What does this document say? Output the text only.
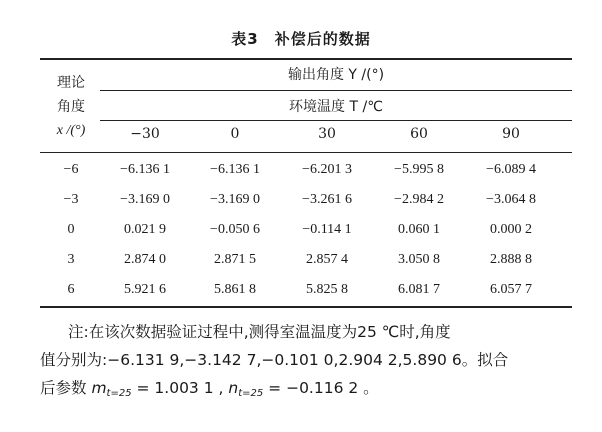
表3 补偿后的数据
理论
角度
x /(°)
输出角度 Y /(°)
环境温度 T /℃
−30	0	30	60	90
−6	−6.136 1	−6.136 1	−6.201 3	−5.995 8	−6.089 4
−3	−3.169 0	−3.169 0	−3.261 6	−2.984 2	−3.064 8
0	0.021 9	−0.050 6	−0.114 1	0.060 1	0.000 2
3	2.874 0	2.871 5	2.857 4	3.050 8	2.888 8
6	5.921 6	5.861 8	5.825 8	6.081 7	6.057 7
注:在该次数据验证过程中,测得室温温度为25 ℃时,角度
值分别为:−6.131 9,−3.142 7,−0.101 0,2.904 2,5.890 6。拟合
后参数 $m_{t=25} = 1.003$ 1 , $n_{t=25} = -0.116$ 2 。
